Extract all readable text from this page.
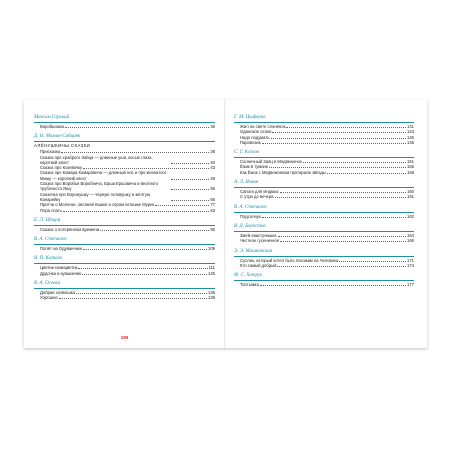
Максим Горький
Воробьишко	36
Д. Н. Мамин-Сибиряк
АЛЁНУШКИНЫ СКАЗКИ
Присказка	39
Сказка про храброго Зайца — длинные уши, косые глаза, короткий хвост	40
Сказка про Козявочку	43
Сказка про Комара Комаровича — длинный нос и про мохнатого Мишу — короткий хвост	49
Сказка про Воробья Воробеича, Ерша Ершовича и весёлого трубочиста Яшу	55
Сказочка про Воронушку — чёрную головушку и жёлтую Канарейку	66
Притча о Молочке, овсяной Кашке и сером котишке Мурке	77
Пора спать	83
Е. Л. Шварц
Сказка о потерянном времени	85
В. А. Степанов
Полёт на Одуванчике	109
В. П. Катаев
Цветик-семицветик	111
Дудочка и кувшинчик	125
В. А. Осеева
Добрая хозяюшка	136
Хорошее	138
190
Г. М. Цыферов
Жил на свете слонёнок	141
Одинокое ослик	143
Надо подумать	145
Паровозик	146
С. Г. Козлов
Солнечный Заяц и Медвежонок	151
Ёжик в тумане	155
Как Ёжик с Медвежонком протирали звёзды	158
А. Л. Яхнин
Сапоги для Индюка	160
С утра до вечера	161
В. А. Степанов
Подсолнух	162
В. Д. Берестов
Змей-хвастунишка	164
Честное гусеничное	166
Э. Э. Мошковская
Суслик, который хотел быть похожим на Человека	171
Кто самый добрый	174
Ф. С. Хитрук
Топтыжка	177
